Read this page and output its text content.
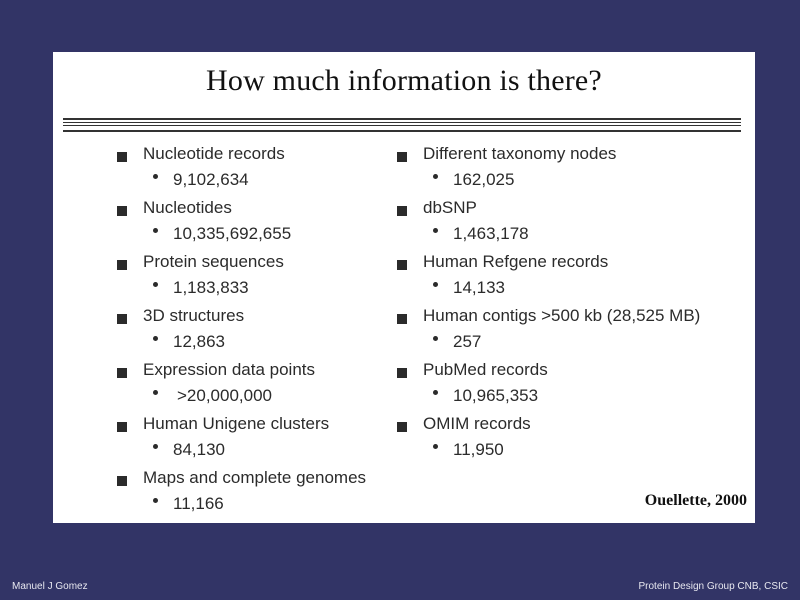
How much information is there?
Nucleotide records
9,102,634
Nucleotides
10,335,692,655
Protein sequences
1,183,833
3D structures
12,863
Expression data points
>20,000,000
Human Unigene clusters
84,130
Maps and complete genomes
11,166
Different taxonomy nodes
162,025
dbSNP
1,463,178
Human Refgene records
14,133
Human contigs >500 kb (28,525 MB)
257
PubMed records
10,965,353
OMIM records
11,950
Ouellette, 2000
Manuel J Gomez	Protein Design Group CNB, CSIC
